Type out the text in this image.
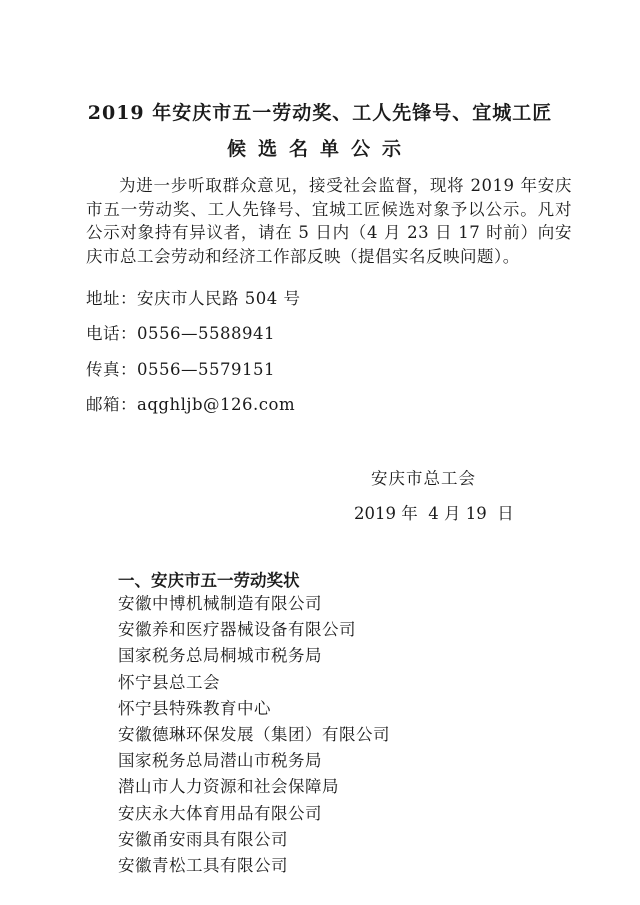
2019 年安庆市五一劳动奖、工人先锋号、宜城工匠
候选名单公示
为进一步听取群众意见，接受社会监督，现将 2019 年安庆市五一劳动奖、工人先锋号、宜城工匠候选对象予以公示。凡对公示对象持有异议者，请在 5 日内（4 月 23 日 17 时前）向安庆市总工会劳动和经济工作部反映（提倡实名反映问题）。
地址：安庆市人民路 504 号
电话：0556—5588941
传真：0556—5579151
邮箱：aqghljb@126.com
安庆市总工会
2019 年  4 月 19  日
一、安庆市五一劳动奖状
安徽中博机械制造有限公司
安徽养和医疗器械设备有限公司
国家税务总局桐城市税务局
怀宁县总工会
怀宁县特殊教育中心
安徽德琳环保发展（集团）有限公司
国家税务总局潜山市税务局
潜山市人力资源和社会保障局
安庆永大体育用品有限公司
安徽甬安雨具有限公司
安徽青松工具有限公司
